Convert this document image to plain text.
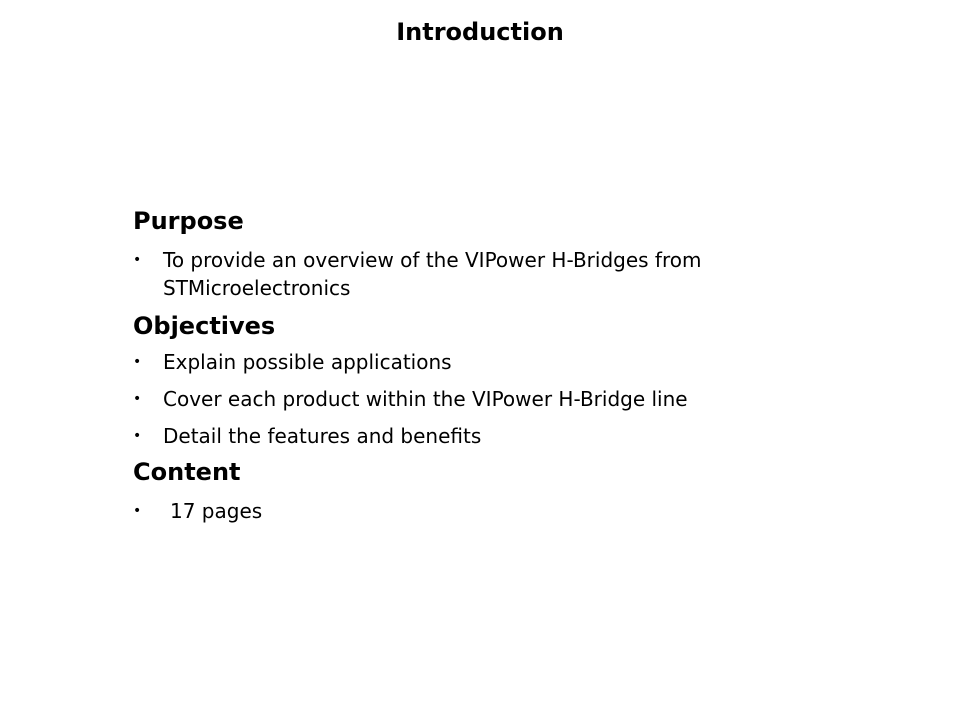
Introduction
Purpose
• To provide an overview of the VIPower H-Bridges from STMicroelectronics
Objectives
• Explain possible applications
• Cover each product within the VIPower H-Bridge line
• Detail the features and benefits
Content
• 17 pages
